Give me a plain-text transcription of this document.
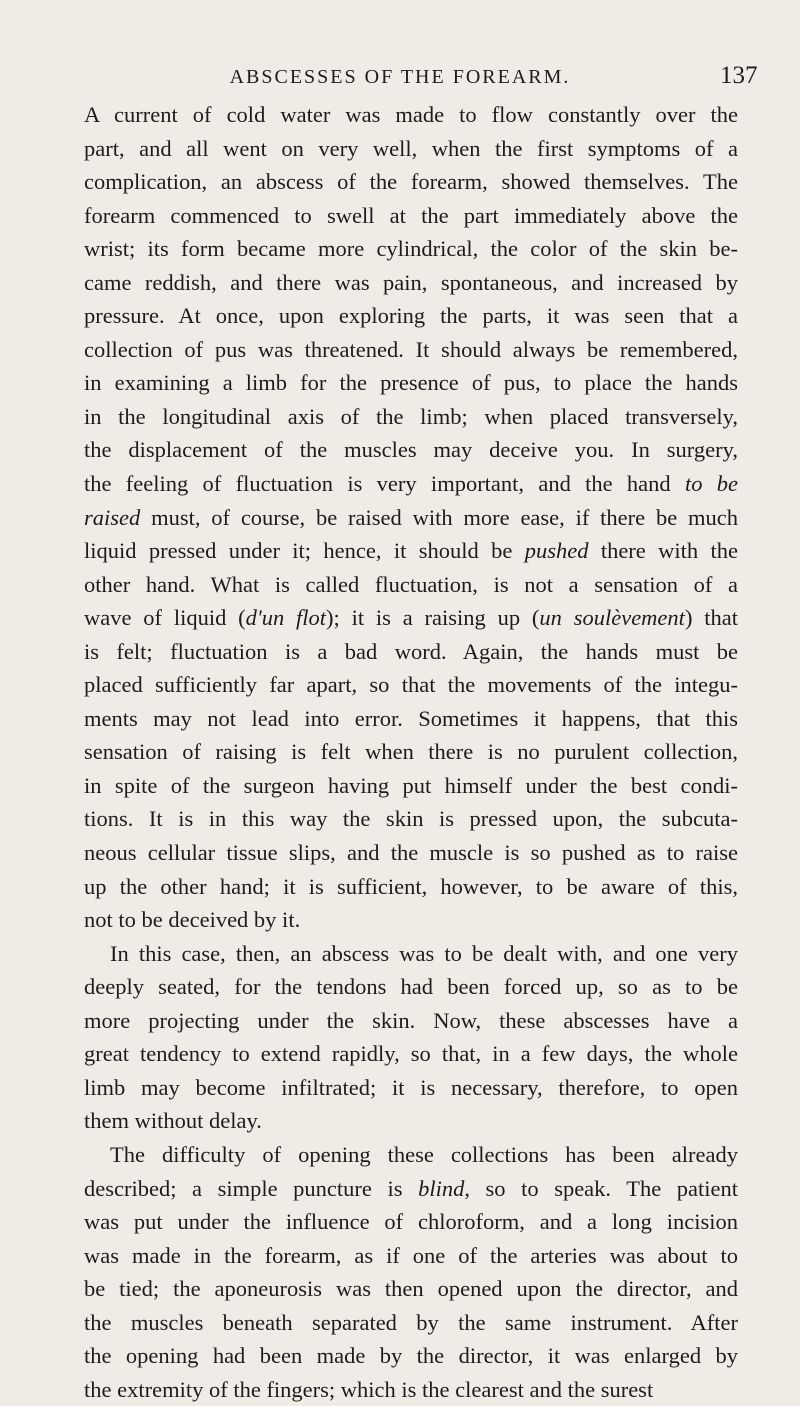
ABSCESSES OF THE FOREARM.	137
A current of cold water was made to flow constantly over the
part, and all went on very well, when the first symptoms of a
complication, an abscess of the forearm, showed themselves. The
forearm commenced to swell at the part immediately above the
wrist; its form became more cylindrical, the color of the skin be-
came reddish, and there was pain, spontaneous, and increased by
pressure. At once, upon exploring the parts, it was seen that a
collection of pus was threatened. It should always be remembered,
in examining a limb for the presence of pus, to place the hands
in the longitudinal axis of the limb; when placed transversely,
the displacement of the muscles may deceive you. In surgery,
the feeling of fluctuation is very important, and the hand to be
raised must, of course, be raised with more ease, if there be much
liquid pressed under it; hence, it should be pushed there with the
other hand. What is called fluctuation, is not a sensation of a
wave of liquid (d'un flot); it is a raising up (un soulèvement) that
is felt; fluctuation is a bad word. Again, the hands must be
placed sufficiently far apart, so that the movements of the integu-
ments may not lead into error. Sometimes it happens, that this
sensation of raising is felt when there is no purulent collection,
in spite of the surgeon having put himself under the best condi-
tions. It is in this way the skin is pressed upon, the subcuta-
neous cellular tissue slips, and the muscle is so pushed as to raise
up the other hand; it is sufficient, however, to be aware of this,
not to be deceived by it.
In this case, then, an abscess was to be dealt with, and one very
deeply seated, for the tendons had been forced up, so as to be
more projecting under the skin. Now, these abscesses have a
great tendency to extend rapidly, so that, in a few days, the whole
limb may become infiltrated; it is necessary, therefore, to open
them without delay.
The difficulty of opening these collections has been already
described; a simple puncture is blind, so to speak. The patient
was put under the influence of chloroform, and a long incision
was made in the forearm, as if one of the arteries was about to
be tied; the aponeurosis was then opened upon the director, and
the muscles beneath separated by the same instrument. After
the opening had been made by the director, it was enlarged by
the extremity of the fingers; which is the clearest and the surest
